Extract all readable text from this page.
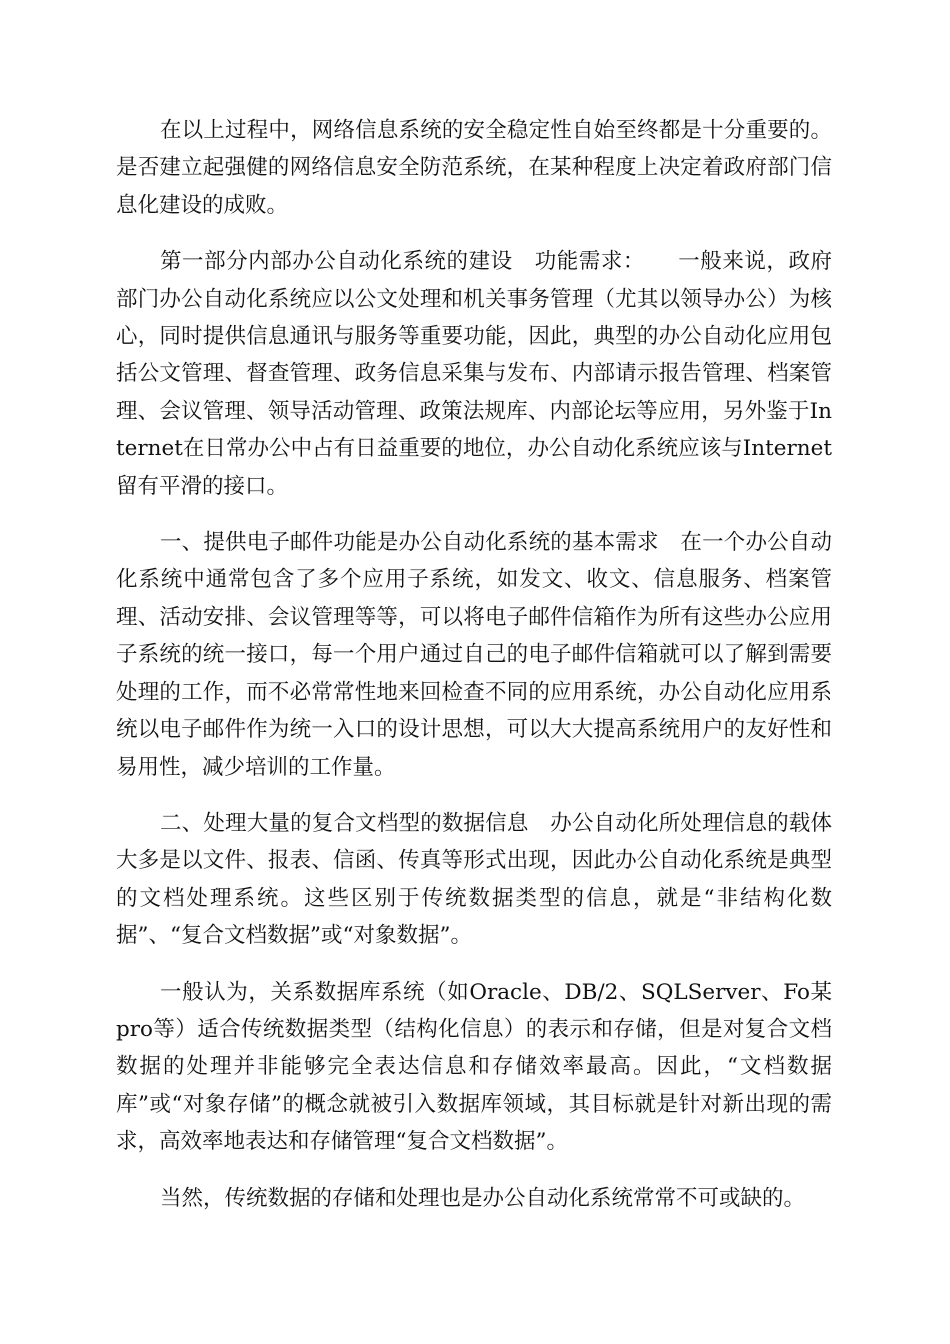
在以上过程中，网络信息系统的安全稳定性自始至终都是十分重要的。是否建立起强健的网络信息安全防范系统，在某种程度上决定着政府部门信息化建设的成败。

第一部分内部办公自动化系统的建设　功能需求：　　一般来说，政府部门办公自动化系统应以公文处理和机关事务管理（尤其以领导办公）为核心，同时提供信息通讯与服务等重要功能，因此，典型的办公自动化应用包括公文管理、督查管理、政务信息采集与发布、内部请示报告管理、档案管理、会议管理、领导活动管理、政策法规库、内部论坛等应用，另外鉴于Internet在日常办公中占有日益重要的地位，办公自动化系统应该与Internet留有平滑的接口。

一、提供电子邮件功能是办公自动化系统的基本需求　在一个办公自动化系统中通常包含了多个应用子系统，如发文、收文、信息服务、档案管理、活动安排、会议管理等等，可以将电子邮件信箱作为所有这些办公应用子系统的统一接口，每一个用户通过自己的电子邮件信箱就可以了解到需要处理的工作，而不必常常性地来回检查不同的应用系统，办公自动化应用系统以电子邮件作为统一入口的设计思想，可以大大提高系统用户的友好性和易用性，减少培训的工作量。

二、处理大量的复合文档型的数据信息　办公自动化所处理信息的载体大多是以文件、报表、信函、传真等形式出现，因此办公自动化系统是典型的文档处理系统。这些区别于传统数据类型的信息，就是“非结构化数据”、“复合文档数据”或“对象数据”。

一般认为，关系数据库系统（如Oracle、DB/2、SQLServer、Fo某pro等）适合传统数据类型（结构化信息）的表示和存储，但是对复合文档数据的处理并非能够完全表达信息和存储效率最高。因此，“文档数据库”或“对象存储”的概念就被引入数据库领域，其目标就是针对新出现的需求，高效率地表达和存储管理“复合文档数据”。

当然，传统数据的存储和处理也是办公自动化系统常常不可或缺的。
